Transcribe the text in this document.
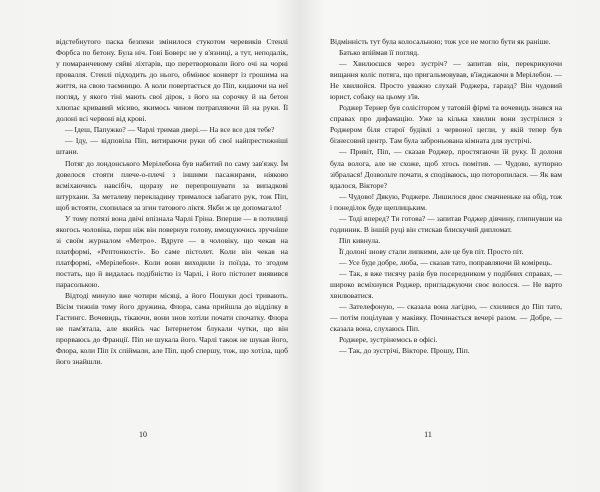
відстебнутого паска безпеки змінилося стукотом черевиків Стенлі Форбса по бетону. Була ніч. Гові Боверс не у в'язниці, а тут, неподалік, у помаранчевому сяйві ліхтарів, що перетворювали його очі на чорні провалля. Стенлі підходить до нього, обмінює конверт із грошима на життя, на свою таємницю. А коли повертається до Піп, кидаючи на неї погляд, у якого тіні мають свої дірок, з його на сорочку й на бетон хлюпає кривавий місиво, якимось чином потрапляючи їй на руки. Її долоні всі червоні від крові.

— Ідеш, Папужко? — Чарлі тримав двері.— На все все для тебе?

— Іду, — відповіла Піп, витираючи руки об свої найпрестижніші штани.

Потяг до лондонського Мерілебона був набитий по саму зав'язку. Їм довелося стояти плече-о-плечі з іншими пасажирами, ніяково всміхаючись навсібіч, щоразу не перепрошувати за випадкові штурхани. За металеву перекладину трималося забагато рук, тож Піп, щоб встояти, схопилася за згин татового ліктя. Якби ж це допомагало!

У тому потязі вона двічі впізнала Чарлі Гріна. Вперше — в потилиці якогось чоловіка, перш ніж він повернув голову, вмощуючись зручніше зі своїм журналом «Метро». Вдруге — в чоловіку, що чекав на платформі, «Рептонкості». Бо саме пістолет. Коли він чекав на платформі, «Мерілебон». Коли вони виходили із поїзда, то згодом постать, що й видалась подібністю із Чарлі, і його пістолет виявився парасолькою.

Відтоді минуло вже чотири місяці, а його Пошуки досі тривають. Вісім тижнів тому його дружина, Флора, сама прийшла до відділку в Гастингс. Вочевидь, тікаючи, вони знов хотіли почати спочатку. Флора не пам'ятала, але якийсь час Інтернетом блукали чутки, що він прорваюсь до Франції. Піп не шукала його. Чарлі також не шукав його, Флора, коли Піп їх спіймали, але Піп, щоб спершу, тож, що хотіла, щоб його знайшли.

10

Відмінність тут була колосальною; тож усе не могло бути як раніше.

Батько впіймав її погляд.

— Хвилюєшся через зустріч? — запитав він, перекрикуючи вищання коліс потяга, що пригальмовував, в'їжджаючи в Мерілебон. — Не хвилюйся. Просто уважно слухай Роджера, гаразд? Він чудовий юрист, собаку на цьому з'їв.

Роджер Тернер був солісітором у татовій фірмі та вочевидь знався на справах про дифамацію. Уже за кілька хвилин вони зустрілися з Роджером біля старої будівлі з червоної цегли, у якій тепер був бізнесовий центр. Там була заброньована кімната для зустрічі.

— Привіт, Піп, — сказав Роджер, простягаючи їй руку. Її долоня була волога, але не схоже, щоб хтось помітив. — Чудово, кутюрно зібралася! Дозвольте почати, я сподіваюсь, що поторопилася. — Як вам вдалося, Вікторе?

— Чудово! Дякую, Роджере. Лишилося двоє смачненьке на обід, тож і понеділок буде щеплицьким.

— Тоді вперед? Ти готова? — запитав Роджер дівчину, глипнувши на годинник. В іншій руці він стискав блискучий дипломат.

Піп кивнула.

Її долоні знову стали липкими, але це був піт. Просто піт.

— Усе буде добре, люба, — сказав тато, поправляючи їй комірець.

— Так, я вже тисячу разів був посередником у подібних справах, — широко всміхнувся Роджер, пригладжуючи своє волосся. — Не варто хвилюватися.

— Зателефоную, — сказала вона лагідно, — схилився до Піп тато, — потім поцілував у маківку. Починається вечері разом. — Добре, — сказала вона, слухаюсь Піп.

Роджере, зустрінемось в офісі.

— Так, до зустрічі, Вікторе. Прошу, Піп.

11
